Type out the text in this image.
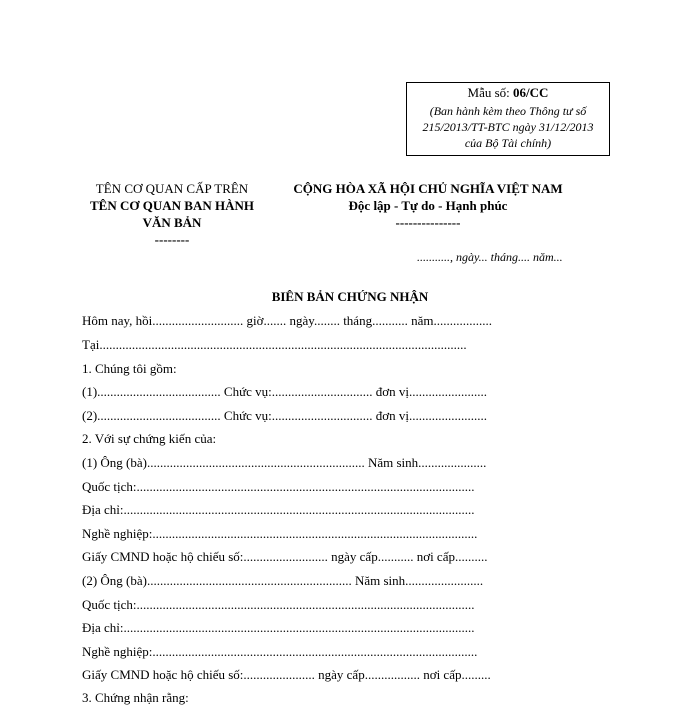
Mẫu số: 06/CC
(Ban hành kèm theo Thông tư số
215/2013/TT-BTC ngày 31/12/2013
của Bộ Tài chính)
TÊN CƠ QUAN CẤP TRÊN
TÊN CƠ QUAN BAN HÀNH
VĂN BẢN
--------
CỘNG HÒA XÃ HỘI CHỦ NGHĨA VIỆT NAM
Độc lập - Tự do - Hạnh phúc
---------------
..........., ngày... tháng.... năm...
BIÊN BẢN CHỨNG NHẬN
Hôm nay, hồi............................ giờ....... ngày........ tháng........... năm..................
Tại.................................................................................................................
1. Chúng tôi gồm:
(1)...................................... Chức vụ:............................... đơn vị........................
(2)...................................... Chức vụ:............................... đơn vị........................
2. Với sự chứng kiến của:
(1) Ông (bà)................................................................... Năm sinh.....................
Quốc tịch:........................................................................................................
Địa chỉ:............................................................................................................
Nghề nghiệp:....................................................................................................
Giấy CMND hoặc hộ chiếu số:.......................... ngày cấp........... nơi cấp..........
(2) Ông (bà)............................................................... Năm sinh........................
Quốc tịch:........................................................................................................
Địa chỉ:............................................................................................................
Nghề nghiệp:....................................................................................................
Giấy CMND hoặc hộ chiếu số:...................... ngày cấp................. nơi cấp.........
3. Chứng nhận rằng:
